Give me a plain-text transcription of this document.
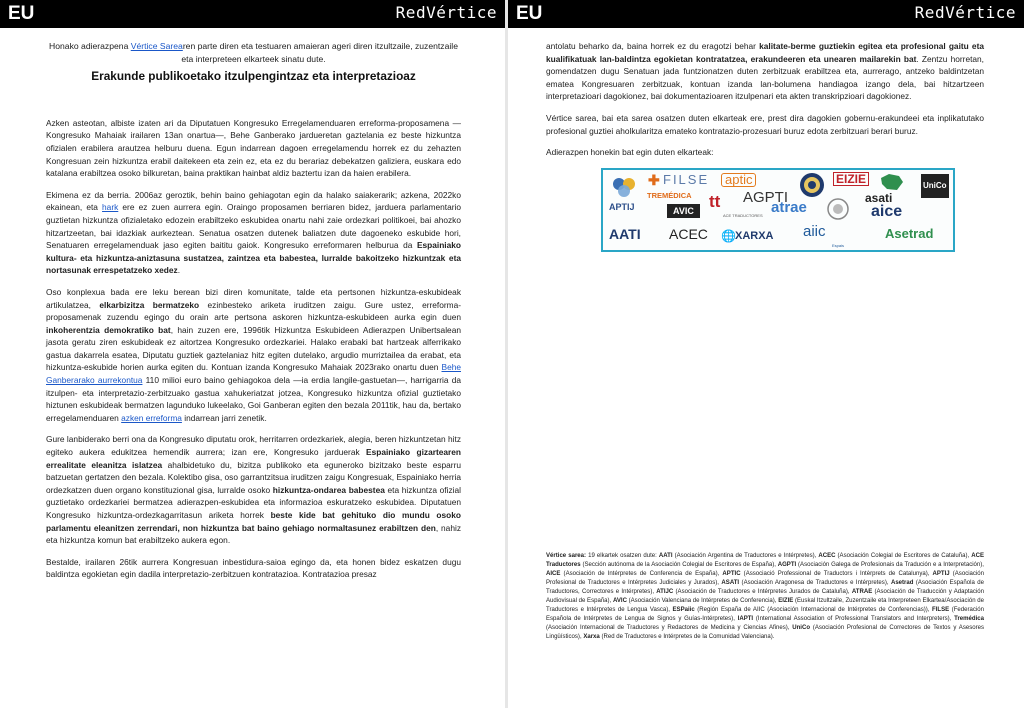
EU	RedVértice

Honako adierazpena Vértice Sarearen parte diren eta testuaren amaieran ageri diren itzultzaile, zuzentzaile eta interpreteen elkarteek sinatu dute.

Erakunde publikoetako itzulpengintzaz eta interpretazioaz

Azken asteotan, albiste izaten ari da Diputatuen Kongresuko Erregelamenduaren erreforma-proposamena —Kongresuko Mahaiak irailaren 13an onartua—, Behe Ganberako jardueretan gaztelania ez beste hizkuntza ofizialen erabilera arautzea helburu duena. Egun indarrean dagoen erregelamendu horrek ez du zehazten Kongresuan zein hizkuntza erabil daitekeen eta zein ez, eta ez du berariaz debekatzen galiziera, euskara edo katalana erabiltzea osoko bilkuretan, baina praktikan hainbat aldiz baztertu izan da haien erabilera.

Ekimena ez da berria. 2006az geroztik, behin baino gehiagotan egin da halako saiakerarik; azkena, 2022ko ekainean, eta hark ere ez zuen aurrera egin. Oraingo proposamen berriaren bidez, jarduera parlamentario guztietan hizkuntza ofizialetako edozein erabiltzeko eskubidea onartu nahi zaie ordezkari politikoei, bai ahozko hitzartzeetan, bai idazkiak aurkeztean. Senatua osatzen dutenek baliatzen dute dagoeneko eskubide hori, Senatuaren erregelamenduak jaso egiten baititu gaiok. Kongresuko erreformaren helburua da Espainiako kultura- eta hizkuntza-aniztasuna sustatzea, zaintzea eta babestea, lurralde bakoitzeko hizkuntzak eta nortasunak errespetatzeko xedez.

Oso konplexua bada ere leku berean bizi diren komunitate, talde eta pertsonen hizkuntza-eskubideak artikulatzea, elkarbizitza bermatzeko ezinbesteko ariketa iruditzen zaigu. Gure ustez, erreforma-proposamenak zuzendu egingo du orain arte pertsona askoren hizkuntza-eskubideen aurka egin duen inkoherentzia demokratiko bat, hain zuzen ere, 1996tik Hizkuntza Eskubideen Adierazpen Unibertsalean jasota geratu ziren eskubideak ez aitortzea Kongresuko ordezkariei. Halako erabaki bat hartzeak alferrikako gastua dakarrela esatea, Diputatu guztiek gaztelaniaz hitz egiten dutelako, argudio murriztailea da erabat, eta hizkuntza-eskubide horien aurka egiten du. Kontuan izanda Kongresuko Mahaiak 2023rako onartu duen Behe Ganberarako aurrekontua 110 milioi euro baino gehiagokoa dela —ia erdia langile-gastuetan—, harrigarria da itzulpen- eta interpretazio-zerbitzuako gastua xahukeriatzat jotzea, Kongresuko hizkuntza ofizial guztietako hiztunen eskubideak bermatzen lagunduko lukeelako, Goi Ganberan egiten den bezala 2011tik, hau da, bertako erregelamenduaren azken erreforma indarrean jarri zenetik.

Gure lanbiderako berri ona da Kongresuko diputatu orok, herritarren ordezkariek, alegia, beren hizkuntzetan hitz egiteko aukera edukitzea hemendik aurrera; izan ere, Kongresuko jarduerak Espainiako gizartearen errealitate eleanitza islatzea ahalbidetuko du, bizitza publikoko eta eguneroko bizitzako beste esparru batzuetan gertatzen den bezala. Kolektibo gisa, oso garrantzitsua iruditzen zaigu Kongresuak, Espainiako herria ordezkatzen duen organo konstituzional gisa, lurralde osoko hizkuntza-ondarea babestea eta hizkuntza ofizial guztietako ordezkariei bermatzea adierazpen-eskubidea eta informazioa eskuratzeko eskubidea. Diputatuen Kongresuko hizkuntza-ordezkagarritasun ariketa horrek beste kide bat gehituko dio mundu osoko parlamentu eleanitzen zerrendari, non hizkuntza bat baino gehiago normaltasunez erabiltzen den, nahiz eta hizkuntza komun bat erabiltzeko aukera egon.

Bestalde, irailaren 26tik aurrera Kongresuan inbestidura-saioa egingo da, eta honen bidez eskatzen dugu baldintza egokietan egin dadila interpretazio-zerbitzuen kontratazioa. Kontratazioa presaz

EU	RedVértice

antolatu beharko da, baina horrek ez du eragotzi behar kalitate-berme guztiekin egitea eta profesional gaitu eta kualifikatuak lan-baldintza egokietan kontratatzea, erakundeeren eta unearen mailarekin bat. Zentzu horretan, gomendatzen dugu Senatuan jada funtzionatzen duten zerbitzuak erabiltzea eta, aurrerago, antzeko baldintzetan ematea Kongresuaren zerbitzuak, kontuan izanda lan-bolumena handiagoa izango dela, bai hitzartzeen interpretazioari dagokionez, bai dokumentazioaren itzulpenari eta akten transkripzioari dagokionez.

Vértice sarea, bai eta sarea osatzen duten elkarteak ere, prest dira dagokien gobernu-erakundeei eta inplikatutako profesional guztiei aholkularitza emateko kontratazio-prozesuari buruz edota zerbitzuari berari buruz.

Adierazpen honekin bat egin duten elkarteak:

✚ FILSE	aptic	EIZIE
asati
UniCo
TREMÉDICA	AGPTI
APTIJ	AVIC tt
ACE TRADUCTORES atrae	aice
AATI ACEC 🌐 XARXA aiic
Espais
Asetrad
Vértice sarea: 19 elkartek osatzen dute: AATI (Asociación Argentina de Traductores e Intérpretes), ACEC (Asociación Colegial de Escritores de Cataluña), ACE Traductores (Sección autónoma de la Asociación Colegial de Escritores de España), AGPTI (Asociación Galega de Profesionais da Tradución e a Interpretación), AICE (Asociación de Intérpretes de Conferencia de España), APTIC (Associació Professional de Traductors i Intèrprets de Catalunya), APTIJ (Asociación Profesional de Traductores e Intérpretes Judiciales y Jurados), ASATI (Asociación Aragonesa de Traductores e Intérpretes), Asetrad (Asociación Española de Traductores, Correctores e Intérpretes), ATIJC (Asociación de Traductores e Intérpretes Jurados de Cataluña), ATRAE (Asociación de Traducción y Adaptación Audiovisual de España), AVIC (Asociación Valenciana de Intérpretes de Conferencia), EIZIE (Euskal Itzultzaile, Zuzentzaile eta Interpreteen Elkartea/Asociación de Traductores e Intérpretes de Lengua Vasca), ESPaiic (Región España de AIIC (Asociación Internacional de Intérpretes de Conferencias)), FILSE (Federación Española de Intérpretes de Lengua de Signos y Guías-Intérpretes), IAPTI (International Association of Professional Translators and Interpreters), Tremédica (Asociación Internacional de Traductores y Redactores de Medicina y Ciencias Afines), UniCo (Asociación Profesional de Correctores de Textos y Asesores Lingüísticos), Xarxa (Red de Traductores e Intérpretes de la Comunidad Valenciana).
